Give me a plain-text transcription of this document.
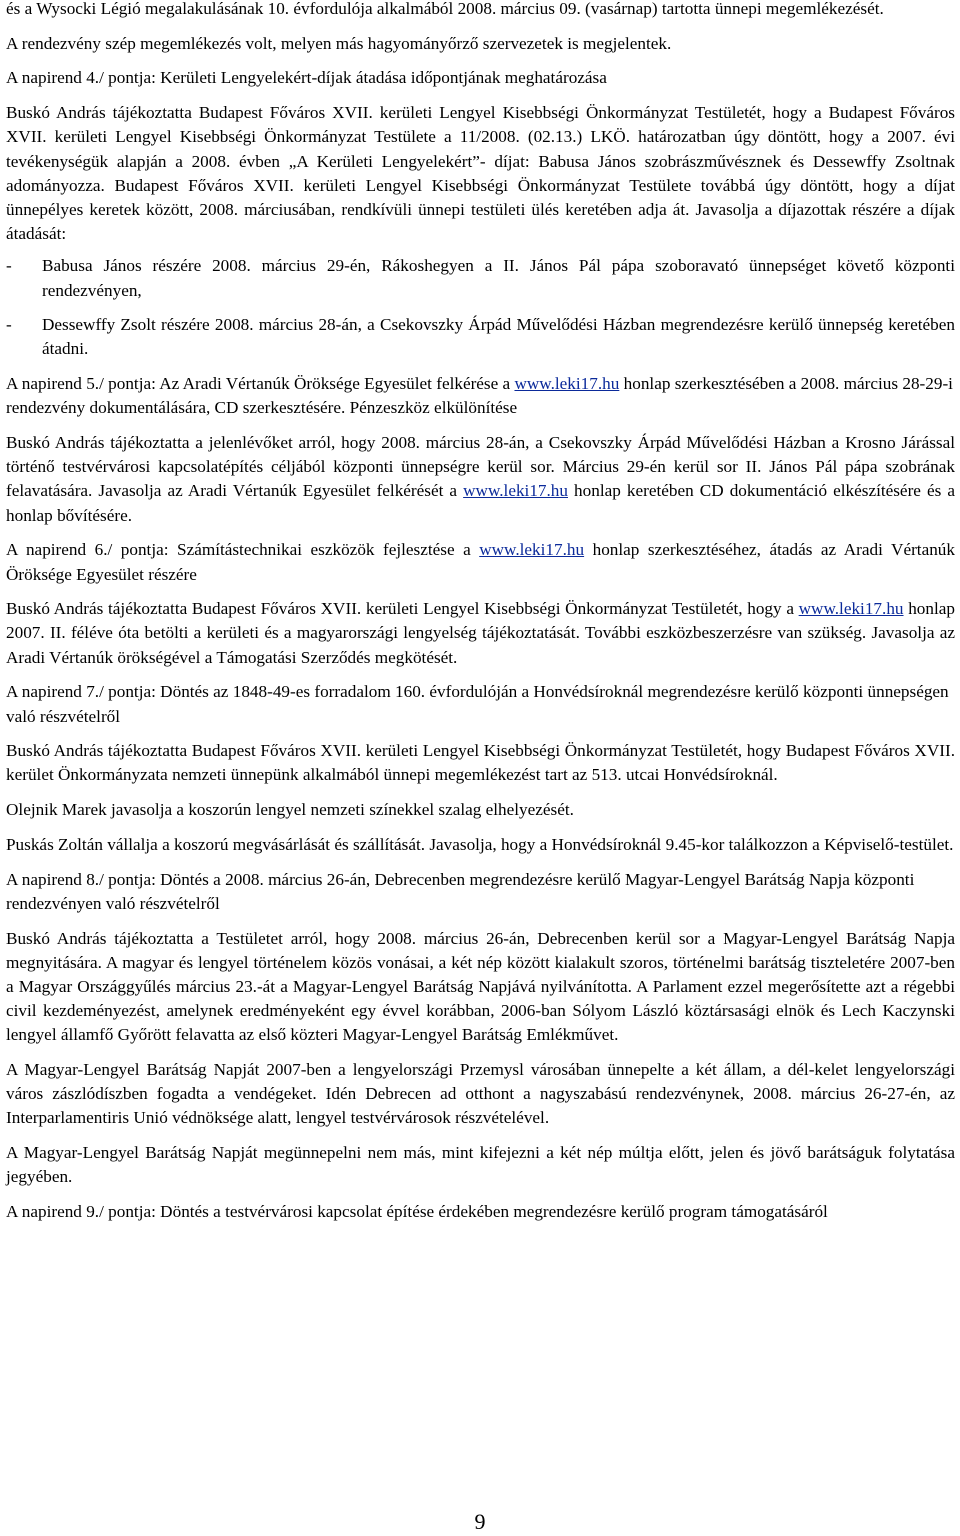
és a Wysocki Légió megalakulásának 10. évfordulója alkalmából 2008. március 09. (vasárnap) tartotta ünnepi megemlékezését.

A rendezvény szép megemlékezés volt, melyen más hagyományőrző szervezetek is megjelentek.

A napirend 4./ pontja: Kerületi Lengyelekért-díjak átadása időpontjának meghatározása

Buskó András tájékoztatta Budapest Főváros XVII. kerületi Lengyel Kisebbségi Önkormányzat Testületét, hogy a Budapest Főváros XVII. kerületi Lengyel Kisebbségi Önkormányzat Testülete a 11/2008. (02.13.) LKÖ. határozatban úgy döntött, hogy a 2007. évi tevékenységük alapján a 2008. évben „A Kerületi Lengyelekért”- díjat: Babusa János szobrászművésznek és Dessewffy Zsoltnak adományozza. Budapest Főváros XVII. kerületi Lengyel Kisebbségi Önkormányzat Testülete továbbá úgy döntött, hogy a díjat ünnepélyes keretek között, 2008. márciusában, rendkívüli ünnepi testületi ülés keretében adja át. Javasolja a díjazottak részére a díjak átadását:

-	Babusa János részére 2008. március 29-én, Rákoshegyen a II. János Pál pápa szoboravató ünnepséget követő központi rendezvényen,
-	Dessewffy Zsolt részére 2008. március 28-án, a Csekovszky Árpád Művelődési Házban megrendezésre kerülő ünnepség keretében átadni.

A napirend 5./ pontja: Az Aradi Vértanúk Öröksége Egyesület felkérése a www.leki17.hu honlap szerkesztésében a 2008. március 28-29-i rendezvény dokumentálására, CD szerkesztésére. Pénzeszköz elkülönítése

Buskó András tájékoztatta a jelenlévőket arról, hogy 2008. március 28-án, a Csekovszky Árpád Művelődési Házban a Krosno Járással történő testvérvárosi kapcsolatépítés céljából központi ünnepségre kerül sor. Március 29-én kerül sor II. János Pál pápa szobrának felavatására. Javasolja az Aradi Vértanúk Egyesület felkérését a www.leki17.hu honlap keretében CD dokumentáció elkészítésére és a honlap bővítésére.

A napirend 6./ pontja: Számítástechnikai eszközök fejlesztése a www.leki17.hu honlap szerkesztéséhez, átadás az Aradi Vértanúk Öröksége Egyesület részére

Buskó András tájékoztatta Budapest Főváros XVII. kerületi Lengyel Kisebbségi Önkormányzat Testületét, hogy a www.leki17.hu honlap 2007. II. féléve óta betölti a kerületi és a magyarországi lengyelség tájékoztatását. További eszközbeszerzésre van szükség. Javasolja az Aradi Vértanúk örökségével a Támogatási Szerződés megkötését.

A napirend 7./ pontja: Döntés az 1848-49-es forradalom 160. évfordulóján a Honvédsíroknál megrendezésre kerülő központi ünnepségen való részvételről

Buskó András tájékoztatta Budapest Főváros XVII. kerületi Lengyel Kisebbségi Önkormányzat Testületét, hogy Budapest Főváros XVII. kerület Önkormányzata nemzeti ünnepünk alkalmából ünnepi megemlékezést tart az 513. utcai Honvédsíroknál.

Olejnik Marek javasolja a koszorún lengyel nemzeti színekkel szalag elhelyezését.

Puskás Zoltán vállalja a koszorú megvásárlását és szállítását. Javasolja, hogy a Honvédsíroknál 9.45-kor találkozzon a Képviselő-testület.

A napirend 8./ pontja: Döntés a 2008. március 26-án, Debrecenben megrendezésre kerülő Magyar-Lengyel Barátság Napja központi rendezvényen való részvételről

Buskó András tájékoztatta a Testületet arról, hogy 2008. március 26-án, Debrecenben kerül sor a Magyar-Lengyel Barátság Napja megnyitására. A magyar és lengyel történelem közös vonásai, a két nép között kialakult szoros, történelmi barátság tiszteletére 2007-ben a Magyar Országgyűlés március 23.-át a Magyar-Lengyel Barátság Napjává nyilvánította. A Parlament ezzel megerősítette azt a régebbi civil kezdeményezést, amelynek eredményeként egy évvel korábban, 2006-ban Sólyom László köztársasági elnök és Lech Kaczynski lengyel államfő Győrött felavatta az első közteri Magyar-Lengyel Barátság Emlékművet.

A Magyar-Lengyel Barátság Napját 2007-ben a lengyelországi Przemysl városában ünnepelte a két állam, a dél-kelet lengyelországi város zászlódíszben fogadta a vendégeket. Idén Debrecen ad otthont a nagyszabású rendezvénynek, 2008. március 26-27-én, az Interparlamentiris Unió védnöksége alatt, lengyel testvérvárosok részvételével.

A Magyar-Lengyel Barátság Napját megünnepelni nem más, mint kifejezni a két nép múltja előtt, jelen és jövő barátságuk folytatása jegyében.

A napirend 9./ pontja: Döntés a testvérvárosi kapcsolat építése érdekében megrendezésre kerülő program támogatásáról

9
